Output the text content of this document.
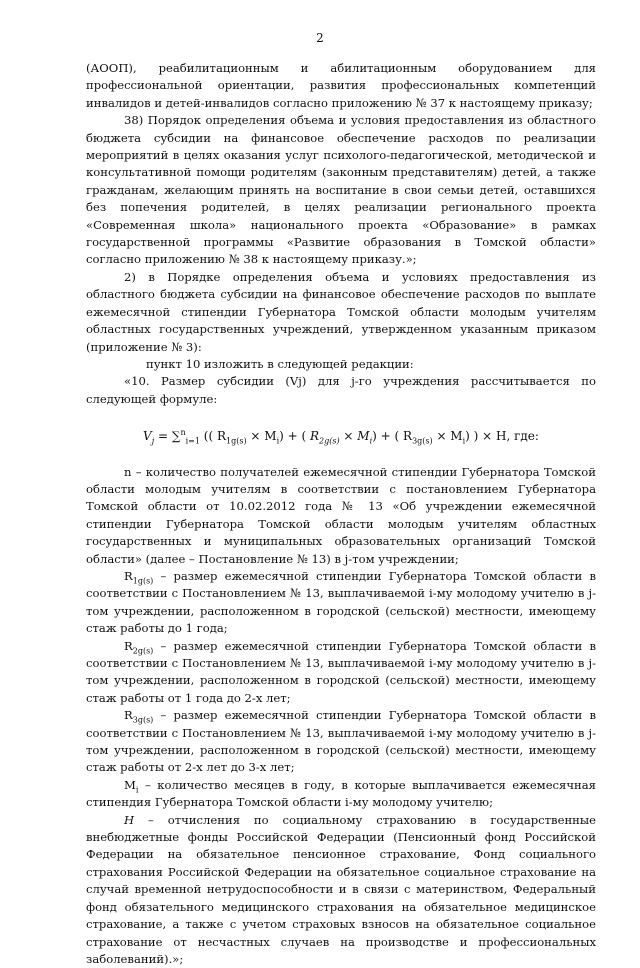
2

(АООП), реабилитационным и абилитационным оборудованием для профессиональной ориентации, развития профессиональных компетенций инвалидов и детей-инвалидов согласно приложению № 37 к настоящему приказу;

38) Порядок определения объема и условия предоставления из областного бюджета субсидии на финансовое обеспечение расходов по реализации мероприятий в целях оказания услуг психолого-педагогической, методической и консультативной помощи родителям (законным представителям) детей, а также гражданам, желающим принять на воспитание в свои семьи детей, оставшихся без попечения родителей, в целях реализации регионального проекта «Современная школа» национального проекта «Образование» в рамках государственной программы «Развитие образования в Томской области» согласно приложению № 38 к настоящему приказу.»;

2) в Порядке определения объема и условиях предоставления из областного бюджета субсидии на финансовое обеспечение расходов по выплате ежемесячной стипендии Губернатора Томской области молодым учителям областных государственных учреждений, утвержденном указанным приказом (приложение № 3):

пункт 10 изложить в следующей редакции:

«10. Размер субсидии (Vj) для j-го учреждения рассчитывается по следующей формуле:

$V_j = \sum^n_{i=1}$ (( $R_{1g(s)} \times M_i$) + ( $R_{2g(s)} \times M_i$) + ( $R_{3g(s)} \times M_i$) ) × H, где:

n – количество получателей ежемесячной стипендии Губернатора Томской области молодым учителям в соответствии с постановлением Губернатора Томской области от 10.02.2012 года № 13 «Об учреждении ежемесячной стипендии Губернатора Томской области молодым учителям областных государственных и муниципальных образовательных организаций Томской области» (далее – Постановление № 13) в j-том учреждении;

$R_{1g(s)}$ – размер ежемесячной стипендии Губернатора Томской области в соответствии с Постановлением № 13, выплачиваемой i-му молодому учителю в j-том учреждении, расположенном в городской (сельской) местности, имеющему стаж работы до 1 года;

$R_{2g(s)}$ – размер ежемесячной стипендии Губернатора Томской области в соответствии с Постановлением № 13, выплачиваемой i-му молодому учителю в j-том учреждении, расположенном в городской (сельской) местности, имеющему стаж работы от 1 года до 2-х лет;

$R_{3g(s)}$ – размер ежемесячной стипендии Губернатора Томской области в соответствии с Постановлением № 13, выплачиваемой i-му молодому учителю в j-том учреждении, расположенном в городской (сельской) местности, имеющему стаж работы от 2-х лет до 3-х лет;

$M_i$ – количество месяцев в году, в которые выплачивается ежемесячная стипендия Губернатора Томской области i-му молодому учителю;

H – отчисления по социальному страхованию в государственные внебюджетные фонды Российской Федерации (Пенсионный фонд Российской Федерации на обязательное пенсионное страхование, Фонд социального страхования Российской Федерации на обязательное социальное страхование на случай временной нетрудоспособности и в связи с материнством, Федеральный фонд обязательного медицинского страхования на обязательное медицинское страхование, а также с учетом страховых взносов на обязательное социальное страхование от несчастных случаев на производстве и профессиональных заболеваний).»;
